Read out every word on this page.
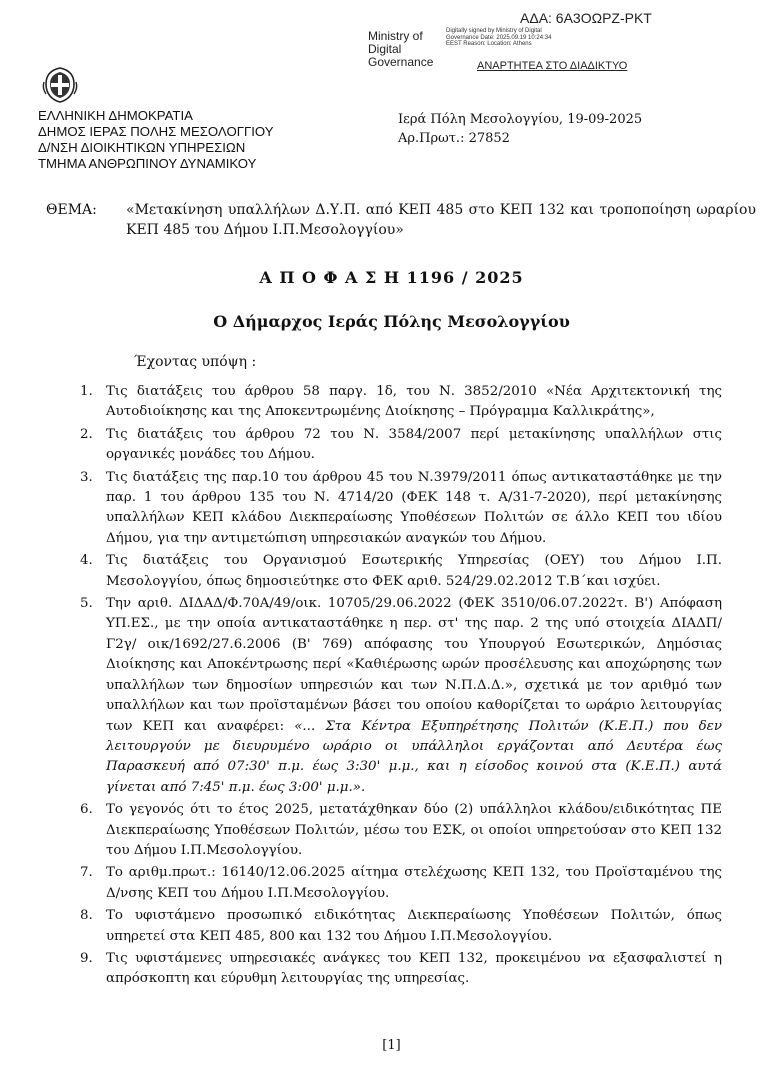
ΑΔΑ: 6Α3ΟΩΡΖ-ΡΚΤ
Ministry of Digital Governance
Digitally signed by Ministry of Digital Governance Date: 2025.09.19 10:24:34 EEST Reason: Location: Athens
ΑΝΑΡΤΗΤΕΑ ΣΤΟ ΔΙΑΔΙΚΤΥΟ
ΕΛΛΗΝΙΚΗ ΔΗΜΟΚΡΑΤΙΑ
ΔΗΜΟΣ ΙΕΡΑΣ ΠΟΛΗΣ ΜΕΣΟΛΟΓΓΙΟΥ
Δ/ΝΣΗ ΔΙΟΙΚΗΤΙΚΩΝ ΥΠΗΡΕΣΙΩΝ
ΤΜΗΜΑ ΑΝΘΡΩΠΙΝΟΥ ΔΥΝΑΜΙΚΟΥ
Ιερά Πόλη Μεσολογγίου, 19-09-2025
Αρ.Πρωτ.: 27852
ΘΕΜΑ: «Μετακίνηση υπαλλήλων Δ.Υ.Π. από ΚΕΠ 485 στο ΚΕΠ 132 και τροποποίηση ωραρίου ΚΕΠ 485 του Δήμου Ι.Π.Μεσολογγίου»
Α Π Ο Φ Α Σ Η 1196 / 2025
Ο Δήμαρχος Ιεράς Πόλης Μεσολογγίου
Έχοντας υπόψη :
1. Τις διατάξεις του άρθρου 58 παργ. 1δ, του Ν. 3852/2010 «Νέα Αρχιτεκτονική της Αυτοδιοίκησης και της Αποκεντρωμένης Διοίκησης – Πρόγραμμα Καλλικράτης»,
2. Τις διατάξεις του άρθρου 72 του Ν. 3584/2007 περί μετακίνησης υπαλλήλων στις οργανικές μονάδες του Δήμου.
3. Τις διατάξεις της παρ.10 του άρθρου 45 του Ν.3979/2011 όπως αντικαταστάθηκε με την παρ. 1 του άρθρου 135 του Ν. 4714/20 (ΦΕΚ 148 τ. Α/31-7-2020), περί μετακίνησης υπαλλήλων ΚΕΠ κλάδου Διεκπεραίωσης Υποθέσεων Πολιτών σε άλλο ΚΕΠ του ιδίου Δήμου, για την αντιμετώπιση υπηρεσιακών αναγκών του Δήμου.
4. Τις διατάξεις του Οργανισμού Εσωτερικής Υπηρεσίας (ΟΕΥ) του Δήμου Ι.Π. Μεσολογγίου, όπως δημοσιεύτηκε στο ΦΕΚ αριθ. 524/29.02.2012 Τ.Β΄και ισχύει.
5. Την αριθ. ΔΙΔΑΔ/Φ.70Α/49/οικ. 10705/29.06.2022 (ΦΕΚ 3510/06.07.2022τ. Β') Απόφαση ΥΠ.ΕΣ., με την οποία αντικαταστάθηκε η περ. στ' της παρ. 2 της υπό στοιχεία ΔΙΑΔΠ/Γ2γ/ οικ/1692/27.6.2006 (Β' 769) απόφασης του Υπουργού Εσωτερικών, Δημόσιας Διοίκησης και Αποκέντρωσης περί «Καθιέρωσης ωρών προσέλευσης και αποχώρησης των υπαλλήλων των δημοσίων υπηρεσιών και των Ν.Π.Δ.Δ.», σχετικά με τον αριθμό των υπαλλήλων και των προϊσταμένων βάσει του οποίου καθορίζεται το ωράριο λειτουργίας των ΚΕΠ και αναφέρει: «... Στα Κέντρα Εξυπηρέτησης Πολιτών (Κ.Ε.Π.) που δεν λειτουργούν με διευρυμένο ωράριο οι υπάλληλοι εργάζονται από Δευτέρα έως Παρασκευή από 07:30' π.μ. έως 3:30' μ.μ., και η είσοδος κοινού στα (Κ.Ε.Π.) αυτά γίνεται από 7:45' π.μ. έως 3:00' μ.μ.».
6. Το γεγονός ότι το έτος 2025, μετατάχθηκαν δύο (2) υπάλληλοι κλάδου/ειδικότητας ΠΕ Διεκπεραίωσης Υποθέσεων Πολιτών, μέσω του ΕΣΚ, οι οποίοι υπηρετούσαν στο ΚΕΠ 132 του Δήμου Ι.Π.Μεσολογγίου.
7. Το αριθμ.πρωτ.: 16140/12.06.2025 αίτημα στελέχωσης ΚΕΠ 132, του Προϊσταμένου της Δ/νσης ΚΕΠ του Δήμου Ι.Π.Μεσολογγίου.
8. Το υφιστάμενο προσωπικό ειδικότητας Διεκπεραίωσης Υποθέσεων Πολιτών, όπως υπηρετεί στα ΚΕΠ 485, 800 και 132 του Δήμου Ι.Π.Μεσολογγίου.
9. Τις υφιστάμενες υπηρεσιακές ανάγκες του ΚΕΠ 132, προκειμένου να εξασφαλιστεί η απρόσκοπτη και εύρυθμη λειτουργίας της υπηρεσίας.
[1]
